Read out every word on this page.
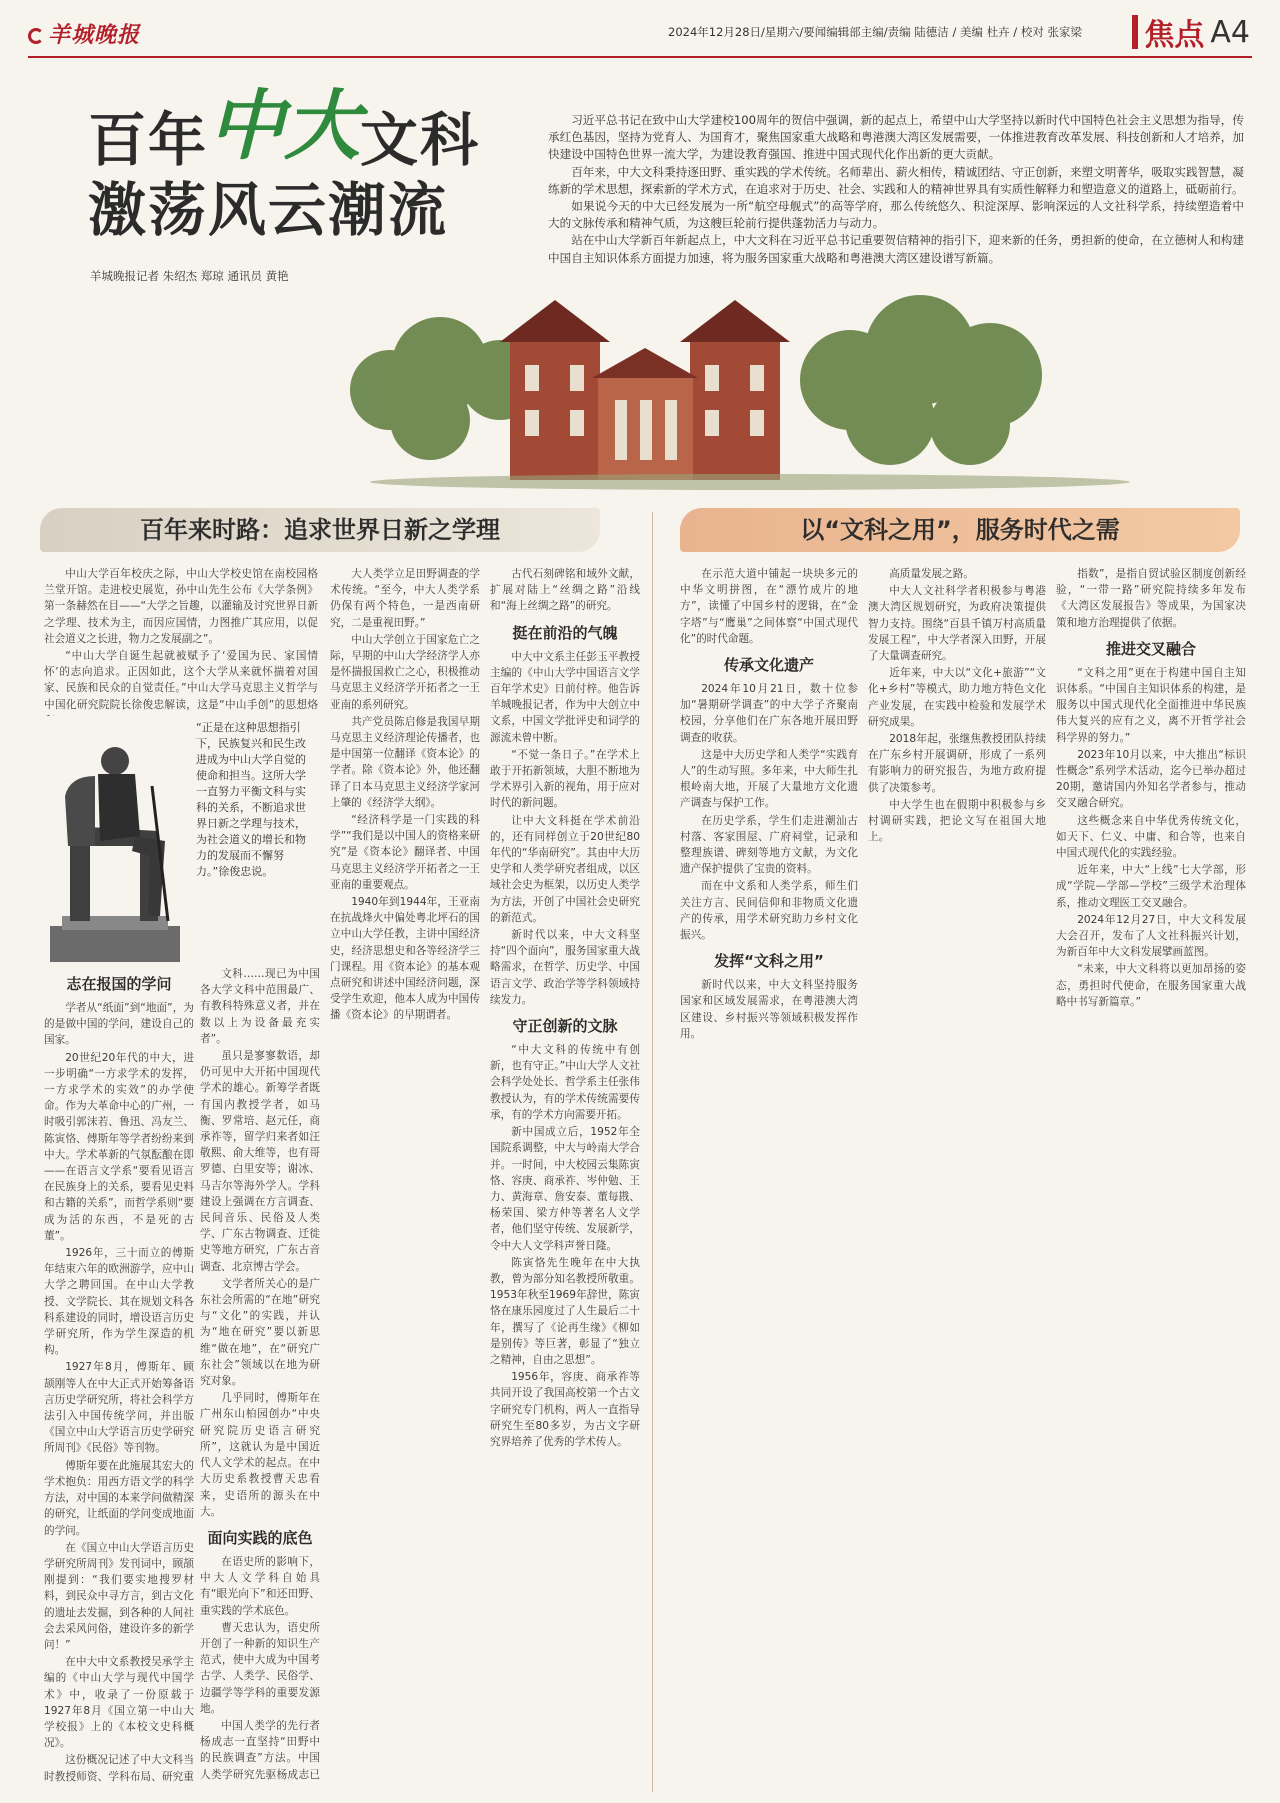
羊城晚报	2024年12月28日/星期六/要闻编辑部主编/责编 陆德洁 / 美编 杜卉 / 校对 张家梁	焦点 A4
百年中大文科
激荡风云潮流
羊城晚报记者 朱绍杰 郑琼 通讯员 黄艳

习近平总书记在致中山大学建校100周年的贺信中强调，新的起点上，希望中山大学坚持以新时代中国特色社会主义思想为指导，传承红色基因，坚持为党育人、为国育才，聚焦国家重大战略和粤港澳大湾区发展需要，一体推进教育改革发展、科技创新和人才培养，加快建设中国特色世界一流大学，为建设教育强国、推进中国式现代化作出新的更大贡献。

百年来，中大文科秉持逐田野、重实践的学术传统。名师辈出、薪火相传，精诚团结、守正创新，来塑文明菁华，吸取实践智慧，凝练新的学术思想，探索新的学术方式，在追求对于历史、社会、实践和人的精神世界具有实质性解释力和塑造意义的道路上，砥砺前行。

如果说今天的中大已经发展为一所“航空母舰式”的高等学府，那么传统悠久、积淀深厚、影响深远的人文社科学系，持续塑造着中大的文脉传承和精神气质，为这艘巨轮前行提供蓬勃活力与动力。

站在中山大学新百年新起点上，中大文科在习近平总书记重要贺信精神的指引下，迎来新的任务，勇担新的使命，在立德树人和构建中国自主知识体系方面提力加速，将为服务国家重大战略和粤港澳大湾区建设谱写新篇。

百年来时路：追求世界日新之学理	以“文科之用”，服务时代之需

中山大学百年校庆之际，中山大学校史馆在南校园格兰堂开馆。走进校史展览，孙中山先生公布《大学条例》第一条赫然在目——“大学之旨趣，以灌输及讨究世界日新之学理、技术为主，而因应国情，力图推广其应用，以促社会道义之长进，物力之发展副之”。

“中山大学自诞生起就被赋予了‘爱国为民、家国情怀’的志向追求。正因如此，这个大学从来就怀揣着对国家、民族和民众的自觉责任。”中山大学马克思主义哲学与中国化研究院院长徐俊忠解读，这是“中山手创”的思想烙

“正是在这种思想指引下，民族复兴和民生改进成为中山大学自觉的使命和担当。这所大学一直努力平衡文科与实科的关系，不断追求世界日新之学理与技术，为社会道义的增长和物力的发展而不懈努力。”徐俊忠说。
志在报国的学问

学者从“纸面”到“地面”，为的是做中国的学问，建设自己的国家。

20世纪20年代的中大，进一步明确“一方求学术的发挥，一方求学术的实效”的办学使命。作为大革命中心的广州，一时吸引郭沫若、鲁迅、冯友兰、陈寅恪、傅斯年等学者纷纷来到中大。学术革新的气氛酝酿在即——在语言文学系“要看见语言在民族身上的关系，要看见史料和古籍的关系”，而哲学系则“要成为活的东西，不是死的古董”。

1926年，三十而立的傅斯年结束六年的欧洲游学，应中山大学之聘回国。在中山大学教授、文学院长、其在规划文科各科系建设的同时，增设语言历史学研究所，作为学生深造的机构。

1927年8月，傅斯年、顾颉刚等人在中大正式开始筹备语言历史学研究所，将社会科学方法引入中国传统学问，并出版《国立中山大学语言历史学研究所周刊》《民俗》等刊物。

傅斯年要在此施展其宏大的学术抱负：用西方语文学的科学方法，对中国的本来学问做精深的研究，让纸面的学问变成地面的学问。

在《国立中山大学语言历史学研究所周刊》发刊词中，顾颉刚提到：“我们要实地搜罗材料，到民众中寻方言，到古文化的遗址去发掘，到各种的人间社会去采风问俗，建设许多的新学问！”

在中大中文系教授吴承学主编的《中山大学与现代中国学术》中，收录了一份原载于1927年8月《国立第一中山大学校报》上的《本校文史科概况》。

这份概况记述了中大文科当时教授师资、学科布局、研究重

文科……现已为中国各大学文科中范围最广、有教科特殊意义者，并在数以上为设备最充实者”。

虽只是寥寥数语，却仍可见中大开拓中国现代学术的雄心。新筹学者既有国内教授学者，如马衡、罗常培、赵元任，商承祚等，留学归来者如汪敬熙、俞大维等，也有哥罗德、白里安等；谢冰、马吉尔等海外学人。学科建设上强调在方言调查、民间音乐、民俗及人类学、广东古物调查、迁徙史等地方研究，广东古音调查、北京博古学会。

文学者所关心的是广东社会所需的“在地”研究与“文化”的实践，并认为“地在研究”要以新思维“做在地”，在“研究广东社会”领域以在地为研究对象。

几乎同时，傅斯年在广州东山柏园创办“中央研究院历史语言研究所”，这就认为是中国近代人文学术的起点。在中大历史系教授曹天忠看来，史语所的源头在中大。

面向实践的底色

在语史所的影响下，中大人文学科自始具有“眼光向下”和还田野、重实践的学术底色。

曹天忠认为，语史所开创了一种新的知识生产范式，使中大成为中国考古学、人类学、民俗学、边疆学等学科的重要发源地。

中国人类学的先行者杨成志一直坚持“田野中的民族调查”方法。中国人类学研究先驱杨成志已

大人类学立足田野调查的学术传统。“至今，中大人类学系仍保有两个特色，一是西南研究，二是重视田野。”

中山大学创立于国家危亡之际，早期的中山大学经济学人亦是怀揣报国救亡之心，积极推动马克思主义经济学开拓者之一王亚南的系列研究。

共产党员陈启修是我国早期马克思主义经济理论传播者，也是中国第一位翻译《资本论》的学者。除《资本论》外，他还翻译了日本马克思主义经济学家河上肇的《经济学大纲》。

“经济科学是一门实践的科学”“我们是以中国人的资格来研究”是《资本论》翻译者、中国马克思主义经济学开拓者之一王亚南的重要观点。

1940年到1944年，王亚南在抗战烽火中偏处粤北坪石的国立中山大学任教，主讲中国经济史，经济思想史和各等经济学三门课程。用《资本论》的基本观点研究和讲述中国经济问题，深受学生欢迎，他本人成为中国传播《资本论》的早期谓者。

古代石刻碑铭和域外文献，扩展对陆上“丝绸之路”沿线和“海上丝绸之路”的研究。

挺在前沿的气魄

中大中文系主任彭玉平教授主编的《中山大学中国语言文学百年学术史》日前付梓。他告诉羊城晚报记者，作为中大创立中文系，中国文学批评史和词学的源流未曾中断。

“不觉一条日子。”在学术上敢于开拓新领域，大胆不断地为学术界引入新的视角，用于应对时代的新问题。

让中大文科挺在学术前沿的，还有同样创立于20世纪80年代的“华南研究”。其由中大历史学和人类学研究者组成，以区域社会史为框架，以历史人类学为方法，开创了中国社会史研究的新范式。

新时代以来，中大文科坚持“四个面向”，服务国家重大战略需求，在哲学、历史学、中国语言文学、政治学等学科领域持续发力。

守正创新的文脉

“中大文科的传统中有创新，也有守正。”中山大学人文社会科学处处长、哲学系主任张伟教授认为，有的学术传统需要传承，有的学术方向需要开拓。

新中国成立后，1952年全国院系调整，中大与岭南大学合并。一时间，中大校园云集陈寅恪、容庚、商承祚、岑仲勉、王力、黄海章、詹安泰、董每戡、杨荣国、梁方仲等著名人文学者，他们坚守传统、发展新学，令中大人文学科声誉日隆。

陈寅恪先生晚年在中大执教，曾为部分知名教授所敬重。1953年秋至1969年辞世，陈寅恪在康乐园度过了人生最后二十年，撰写了《论再生缘》《柳如是别传》等巨著，彰显了“独立之精神，自由之思想”。

1956年，容庚、商承祚等共同开设了我国高校第一个古文字研究专门机构，两人一直指导研究生至80多岁，为古文字研究界培养了优秀的学术传人。

在示范大道中铺起一块块多元的中华文明拼图，在“漂竹成片的地方”，读懂了中国乡村的逻辑，在“金字塔”与“鹰巢”之间体察“中国式现代化”的时代命题。

传承文化遗产

2024年10月21日，数十位参加“暑期研学调查”的中大学子齐聚南校园，分享他们在广东各地开展田野调查的收获。

这是中大历史学和人类学“实践育人”的生动写照。多年来，中大师生扎根岭南大地，开展了大量地方文化遗产调查与保护工作。

在历史学系，学生们走进潮汕古村落、客家围屋、广府祠堂，记录和整理族谱、碑刻等地方文献，为文化遗产保护提供了宝贵的资料。

而在中文系和人类学系，师生们关注方言、民间信仰和非物质文化遗产的传承，用学术研究助力乡村文化振兴。

发挥“文科之用”

新时代以来，中大文科坚持服务国家和区域发展需求，在粤港澳大湾区建设、乡村振兴等领域积极发挥作用。

高质量发展之路。

中大人文社科学者积极参与粤港澳大湾区规划研究，为政府决策提供智力支持。围绕“百县千镇万村高质量发展工程”，中大学者深入田野，开展了大量调查研究。

近年来，中大以“文化+旅游”“文化+乡村”等模式，助力地方特色文化产业发展，在实践中检验和发展学术研究成果。

2018年起，张继焦教授团队持续在广东乡村开展调研，形成了一系列有影响力的研究报告，为地方政府提供了决策参考。

中大学生也在假期中积极参与乡村调研实践，把论文写在祖国大地上。

指数”，是指自贸试验区制度创新经验，“一带一路”研究院持续多年发布《大湾区发展报告》等成果，为国家决策和地方治理提供了依据。

推进交叉融合

“文科之用”更在于构建中国自主知识体系。“中国自主知识体系的构建，是服务以中国式现代化全面推进中华民族伟大复兴的应有之义，离不开哲学社会科学界的努力。”

2023年10月以来，中大推出“标识性概念”系列学术活动，迄今已举办超过20期，邀请国内外知名学者参与，推动交叉融合研究。

这些概念来自中华优秀传统文化，如天下、仁义、中庸、和合等，也来自中国式现代化的实践经验。

近年来，中大“上线”七大学部，形成“学院—学部—学校”三级学术治理体系，推动文理医工交叉融合。

2024年12月27日，中大文科发展大会召开，发布了人文社科振兴计划，为新百年中大文科发展擘画蓝图。

“未来，中大文科将以更加昂扬的姿态，勇担时代使命，在服务国家重大战略中书写新篇章。”
